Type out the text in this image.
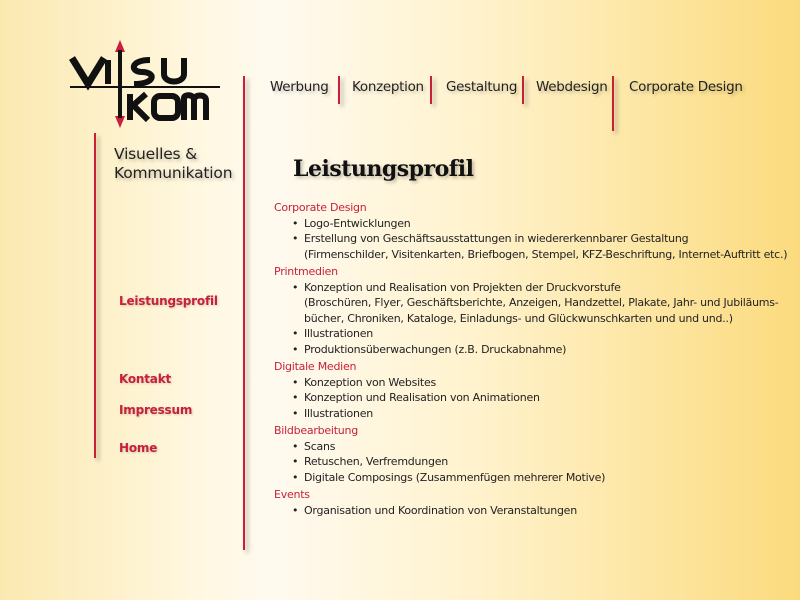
Visuelles &
Kommunikation
Werbung Konzeption Gestaltung Webdesign Corporate Design
Leistungsprofil
Kontakt
Impressum
Home
Leistungsprofil
Corporate Design
• Logo-Entwicklungen
• Erstellung von Geschäftsausstattungen in wiedererkennbarer Gestaltung
(Firmenschilder, Visitenkarten, Briefbogen, Stempel, KFZ-Beschriftung, Internet-Auftritt etc.)
Printmedien
• Konzeption und Realisation von Projekten der Druckvorstufe
(Broschüren, Flyer, Geschäftsberichte, Anzeigen, Handzettel, Plakate, Jahr- und Jubiläums-
bücher, Chroniken, Kataloge, Einladungs- und Glückwunschkarten und und und..)
• Illustrationen
• Produktionsüberwachungen (z.B. Druckabnahme)
Digitale Medien
• Konzeption von Websites
• Konzeption und Realisation von Animationen
• Illustrationen
Bildbearbeitung
• Scans
• Retuschen, Verfremdungen
• Digitale Composings (Zusammenfügen mehrerer Motive)
Events
• Organisation und Koordination von Veranstaltungen
